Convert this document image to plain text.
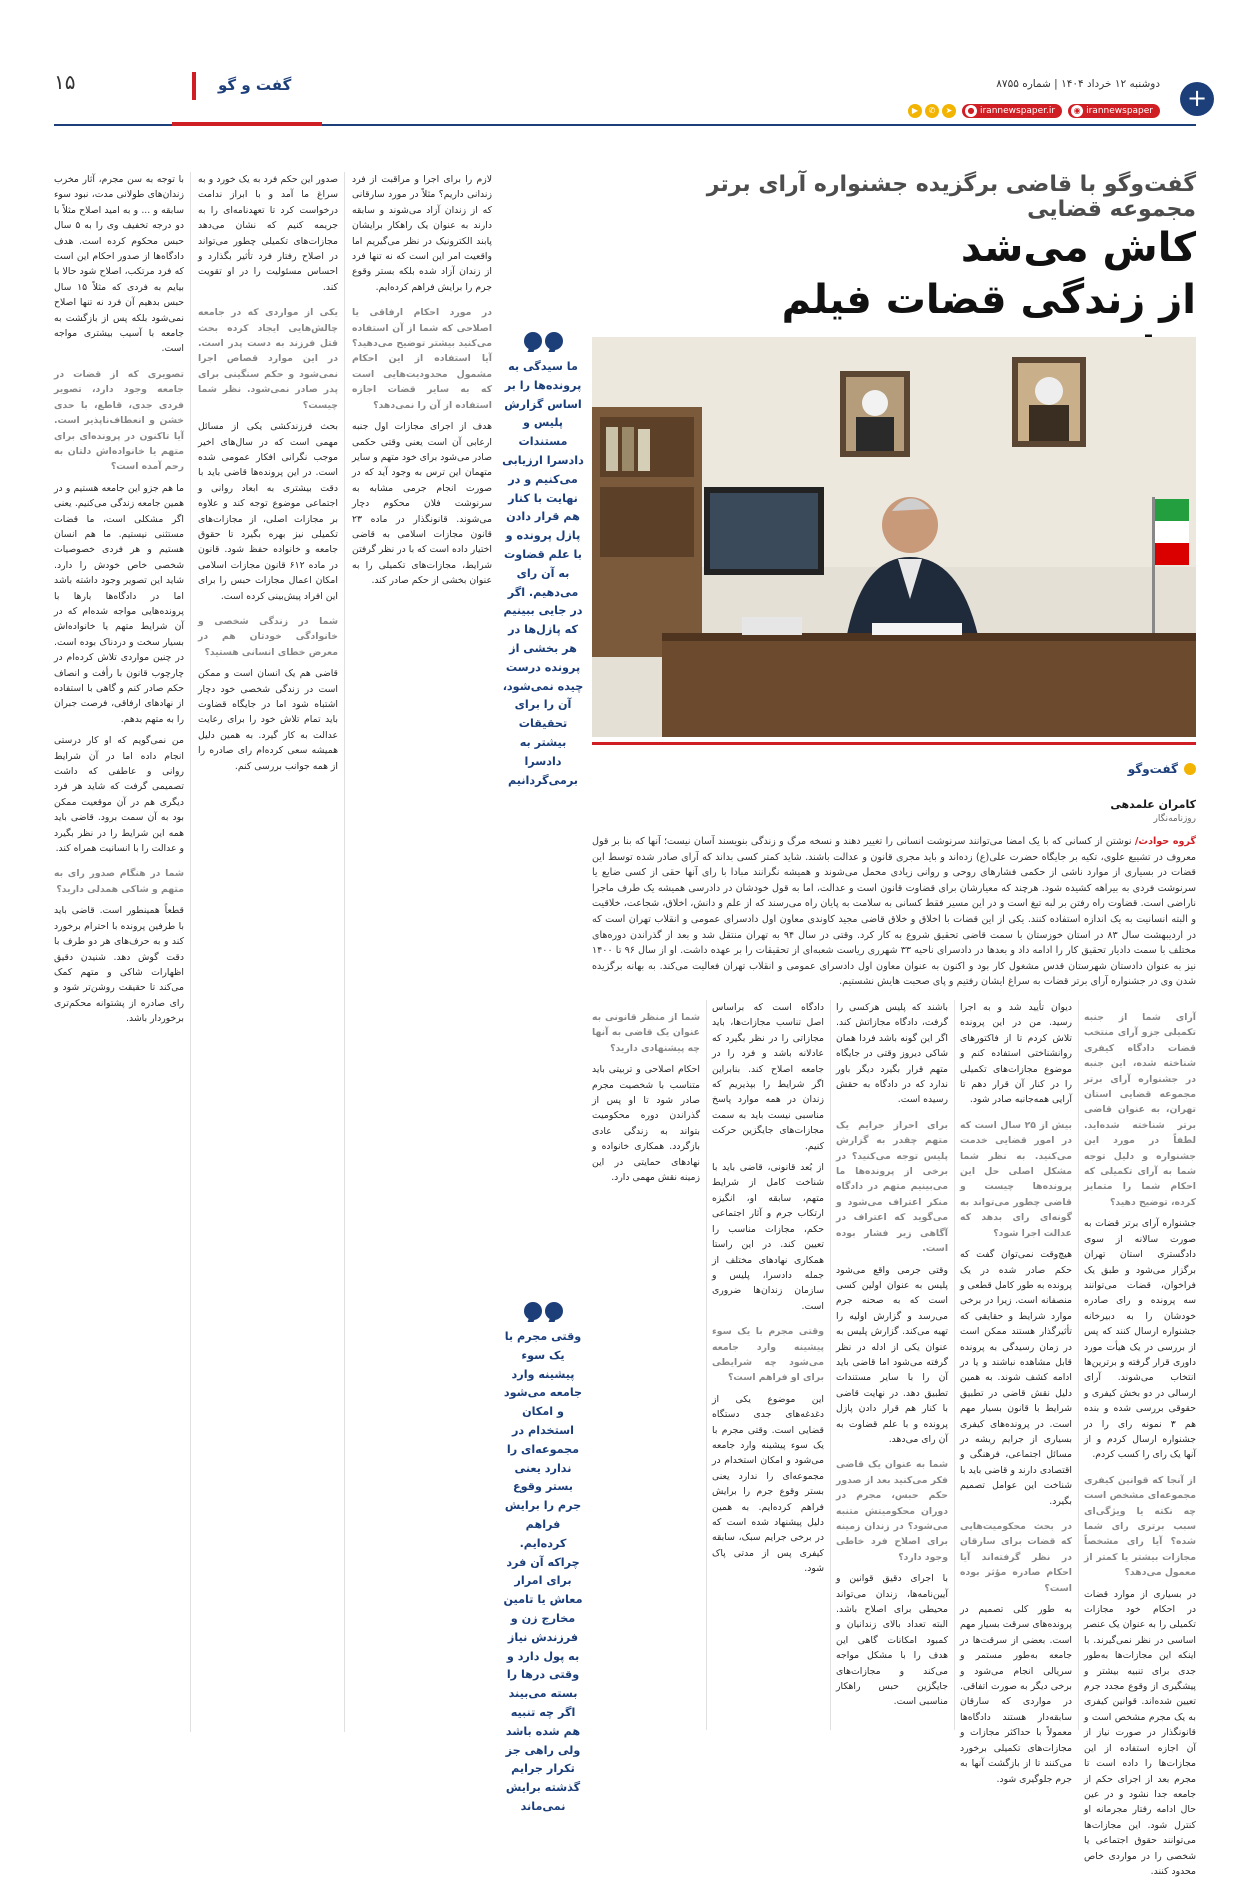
+
دوشنبه ۱۲ خرداد ۱۴۰۴ | شماره ۸۷۵۵
◉ irannewspaper
● irannewspaper.ir
➤
✆
▶
۱۵	گفت و گو
گفت‌وگو با قاضی برگزیده جشنواره آرای برتر مجموعه قضایی
کاش می‌شد
از زندگی قضات فیلم
گفت‌وگو
کامران علمدهی
روزنامه‌نگار
گروه حوادث/ نوشتن از کسانی که با یک امضا می‌توانند سرنوشت انسانی را تغییر دهند و نسخه مرگ و زندگی بنویسند آسان نیست؛ آنها که بنا بر قول معروف در تشییع علوی، تکیه بر جایگاه حضرت علی(ع) زده‌اند و باید مجری قانون و عدالت باشند. شاید کمتر کسی بداند که آرای صادر شده توسط این قضات در بسیاری از موارد ناشی از حکمی فشارهای روحی و روانی زیادی محمل می‌شوند و همیشه نگرانند مبادا با رای آنها حقی از کسی ضایع یا سرنوشت فردی به بیراهه کشیده شود. هرچند که معیارشان برای قضاوت قانون است و عدالت، اما به قول خودشان در دادرسی همیشه یک طرف ماجرا ناراضی است. قضاوت راه رفتن بر لبه تیغ است و در این مسیر فقط کسانی به سلامت به پایان راه می‌رسند که از علم و دانش، اخلاق، شجاعت، خلاقیت و البته انسانیت به یک اندازه استفاده کنند. یکی از این قضات با اخلاق و خلاق قاضی مجید کاوندی معاون اول دادسرای عمومی و انقلاب تهران است که در اردیبهشت سال ۸۳ در استان خوزستان با سمت قاضی تحقیق شروع به کار کرد. وقتی در سال ۹۴ به تهران منتقل شد و بعد از گذراندن دوره‌های مختلف با سمت دادیار تحقیق کار را ادامه داد و بعدها در دادسرای ناحیه ۳۳ شهرری ریاست شعبه‌ای از تحقیقات را بر عهده داشت. او از سال ۹۶ تا ۱۴۰۰ نیز به عنوان دادستان شهرستان قدس مشغول کار بود و اکنون به عنوان معاون اول دادسرای عمومی و انقلاب تهران فعالیت می‌کند. به بهانه برگزیده شدن وی در جشنواره آرای برتر قضات به سراغ ایشان رفتیم و پای صحبت هایش نشستیم.
ما سیدگی به پرونده‌ها را بر اساس گزارش پلیس و مستندات دادسرا ارزیابی می‌کنیم و در نهایت با کنار هم قرار دادن پازل پرونده و با علم قضاوت به آن رای می‌دهیم. اگر در جایی ببینیم که پازل‌ها در هر بخشی از پرونده درست چیده نمی‌شود، آن را برای تحقیقات بیشتر به دادسرا برمی‌گردانیم
وقتی مجرم با یک سوء پیشینه وارد جامعه می‌شود و امکان استخدام در مجموعه‌ای را ندارد یعنی بستر وقوع جرم را برایش فراهم کرده‌ایم. چراکه آن فرد برای امرار معاش یا تامین مخارج زن و فرزندش نیاز به پول دارد و وقتی درها را بسته می‌بیند اگر چه تنبیه هم شده باشد ولی راهی جز تکرار جرایم گذشته برایش نمی‌ماند

آرای شما از جنبه تکمیلی جزو آرای منتخب قضات دادگاه کیفری شناخته شده، این جنبه در جشنواره آرای برتر مجموعه قضایی استان تهران، به عنوان قاضی برتر شناخته شده‌اید. لطفاً در مورد این جشنواره و دلیل توجه شما به آرای تکمیلی که احکام شما را متمایز کرده، توضیح دهید؟

جشنواره آرای برتر قضات به صورت سالانه از سوی دادگستری استان تهران برگزار می‌شود و طبق یک فراخوان، قضات می‌توانند سه پرونده و رای صادره خودشان را به دبیرخانه جشنواره ارسال کنند که پس از بررسی در یک هیأت مورد داوری قرار گرفته و برترین‌ها انتخاب می‌شوند. آرای ارسالی در دو بخش کیفری و حقوقی بررسی شده و بنده هم ۳ نمونه رای را در جشنواره ارسال کردم و از آنها یک رای را کسب کردم.

از آنجا که قوانین کیفری مجموعه‌ای مشخص است چه نکته یا ویژگی‌ای سبب برتری رای شما شده؟ آیا رای مشخصاً مجازات بیشتر یا کمتر از معمول می‌دهد؟

در بسیاری از موارد قضات در احکام خود مجازات تکمیلی را به عنوان یک عنصر اساسی در نظر نمی‌گیرند. با اینکه این مجازات‌ها به‌طور جدی برای تنبیه بیشتر و پیشگیری از وقوع مجدد جرم تعیین شده‌اند. قوانین کیفری به یک مجرم مشخص است و قانونگذار در صورت نیاز از آن اجازه استفاده از این مجازات‌ها را داده است تا مجرم بعد از اجرای حکم از جامعه جدا نشود و در عین حال ادامه رفتار مجرمانه او کنترل شود. این مجازات‌ها می‌توانند حقوق اجتماعی یا شخصی را در مواردی خاص محدود کنند.

دیوان تأیید شد و به اجرا رسید. من در این پرونده تلاش کردم تا از فاکتورهای روانشناختی استفاده کنم و موضوع مجازات‌های تکمیلی را در کنار آن قرار دهم تا آرایی همه‌جانبه صادر شود.

بیش از ۲۵ سال است که در امور قضایی خدمت می‌کنید. به نظر شما مشکل اصلی حل این پرونده‌ها چیست و قاضی چطور می‌تواند به گونه‌ای رای بدهد که عدالت اجرا شود؟

هیچ‌وقت نمی‌توان گفت که حکم صادر شده در یک پرونده به طور کامل قطعی و منصفانه است. زیرا در برخی موارد شرایط و حقایقی که تأثیرگذار هستند ممکن است در زمان رسیدگی به پرونده قابل مشاهده نباشند و یا در ادامه کشف شوند. به همین دلیل نقش قاضی در تطبیق شرایط با قانون بسیار مهم است. در پرونده‌های کیفری بسیاری از جرایم ریشه در مسائل اجتماعی، فرهنگی و اقتصادی دارند و قاضی باید با شناخت این عوامل تصمیم بگیرد.

در بحث محکومیت‌هایی که قضات برای سارقان در نظر گرفته‌اند آیا احکام صادره مؤثر بوده است؟

به طور کلی تصمیم در پرونده‌های سرقت بسیار مهم است. بعضی از سرقت‌ها در جامعه به‌طور مستمر و سریالی انجام می‌شود و برخی دیگر به صورت اتفاقی. در مواردی که سارقان سابقه‌دار هستند دادگاه‌ها معمولاً با حداکثر مجازات و مجازات‌های تکمیلی برخورد می‌کنند تا از بازگشت آنها به جرم جلوگیری شود.

باشند که پلیس هرکسی را گرفت، دادگاه مجازاتش کند. اگر این گونه باشد فردا همان شاکی دیروز وقتی در جایگاه متهم قرار بگیرد دیگر باور ندارد که در دادگاه به حقش رسیده است.

برای احراز جرایم یک متهم چقدر به گزارش پلیس توجه می‌کنید؟ در برخی از پرونده‌ها ما می‌بینیم متهم در دادگاه منکر اعتراف می‌شود و می‌گوید که اعتراف در آگاهی زیر فشار بوده است.

وقتی جرمی واقع می‌شود پلیس به عنوان اولین کسی است که به صحنه جرم می‌رسد و گزارش اولیه را تهیه می‌کند. گزارش پلیس به عنوان یکی از ادله در نظر گرفته می‌شود اما قاضی باید آن را با سایر مستندات تطبیق دهد. در نهایت قاضی با کنار هم قرار دادن پازل پرونده و با علم قضاوت به آن رای می‌دهد.

شما به عنوان یک قاضی فکر می‌کنید بعد از صدور حکم حبس، مجرم در دوران محکومیتش متنبه می‌شود؟ در زندان زمینه برای اصلاح فرد خاطی وجود دارد؟

با اجرای دقیق قوانین و آیین‌نامه‌ها، زندان می‌تواند محیطی برای اصلاح باشد. البته تعداد بالای زندانیان و کمبود امکانات گاهی این هدف را با مشکل مواجه می‌کند و مجازات‌های جایگزین حبس راهکار مناسبی است.

دادگاه است که براساس اصل تناسب مجازات‌ها، باید مجازاتی را در نظر بگیرد که عادلانه باشد و فرد را در جامعه اصلاح کند. بنابراین اگر شرایط را بپذیریم که زندان در همه موارد پاسخ مناسبی نیست باید به سمت مجازات‌های جایگزین حرکت کنیم.

از بُعد قانونی، قاضی باید با شناخت کامل از شرایط متهم، سابقه او، انگیزه ارتکاب جرم و آثار اجتماعی حکم، مجازات مناسب را تعیین کند. در این راستا همکاری نهادهای مختلف از جمله دادسرا، پلیس و سازمان زندان‌ها ضروری است.

وقتی مجرم با یک سوء پیشینه وارد جامعه می‌شود چه شرایطی برای او فراهم است؟

این موضوع یکی از دغدغه‌های جدی دستگاه قضایی است. وقتی مجرم با یک سوء پیشینه وارد جامعه می‌شود و امکان استخدام در مجموعه‌ای را ندارد یعنی بستر وقوع جرم را برایش فراهم کرده‌ایم. به همین دلیل پیشنهاد شده است که در برخی جرایم سبک، سابقه کیفری پس از مدتی پاک شود.

شما از منظر قانونی به عنوان یک قاضی به آنها چه پیشنهادی دارید؟

احکام اصلاحی و تربیتی باید متناسب با شخصیت مجرم صادر شود تا او پس از گذراندن دوره محکومیت بتواند به زندگی عادی بازگردد. همکاری خانواده و نهادهای حمایتی در این زمینه نقش مهمی دارد.

لازم را برای اجرا و مراقبت از فرد زندانی داریم؟ مثلاً در مورد سارقانی که از زندان آزاد می‌شوند و سابقه دارند به عنوان یک راهکار برایشان پابند الکترونیک در نظر می‌گیریم اما واقعیت امر این است که نه تنها فرد از زندان آزاد شده بلکه بستر وقوع جرم را برایش فراهم کرده‌ایم.

در مورد احکام ارفاقی یا اصلاحی که شما از آن استفاده می‌کنید بیشتر توضیح می‌دهید؟ آیا استفاده از این احکام مشمول محدودیت‌هایی است که به سایر قضات اجازه استفاده از آن را نمی‌دهد؟

هدف از اجرای مجازات اول جنبه ارعابی آن است یعنی وقتی حکمی صادر می‌شود برای خود متهم و سایر متهمان این ترس به وجود آید که در صورت انجام جرمی مشابه به سرنوشت فلان محکوم دچار می‌شوند. قانونگذار در ماده ۲۳ قانون مجازات اسلامی به قاضی اختیار داده است که با در نظر گرفتن شرایط، مجازات‌های تکمیلی را به عنوان بخشی از حکم صادر کند.

صدور این حکم فرد به یک خورد و به سراغ ما آمد و با ابراز ندامت درخواست کرد تا تعهدنامه‌ای را به جریمه کنیم که نشان می‌دهد مجازات‌های تکمیلی چطور می‌تواند در اصلاح رفتار فرد تأثیر بگذارد و احساس مسئولیت را در او تقویت کند.

یکی از مواردی که در جامعه چالش‌هایی ایجاد کرده بحث قتل فرزند به دست پدر است. در این موارد قصاص اجرا نمی‌شود و حکم سنگینی برای پدر صادر نمی‌شود. نظر شما چیست؟

بحث فرزندکشی یکی از مسائل مهمی است که در سال‌های اخیر موجب نگرانی افکار عمومی شده است. در این پرونده‌ها قاضی باید با دقت بیشتری به ابعاد روانی و اجتماعی موضوع توجه کند و علاوه بر مجازات اصلی، از مجازات‌های تکمیلی نیز بهره بگیرد تا حقوق جامعه و خانواده حفظ شود. قانون در ماده ۶۱۲ قانون مجازات اسلامی امکان اعمال مجازات حبس را برای این افراد پیش‌بینی کرده است.

شما در زندگی شخصی و خانوادگی خودتان هم در معرض خطای انسانی هستید؟

قاضی هم یک انسان است و ممکن است در زندگی شخصی خود دچار اشتباه شود اما در جایگاه قضاوت باید تمام تلاش خود را برای رعایت عدالت به کار گیرد. به همین دلیل همیشه سعی کرده‌ام رای صادره را از همه جوانب بررسی کنم.

با توجه به سن مجرم، آثار مخرب زندان‌های طولانی مدت، نبود سوء سابقه و ... و به امید اصلاح مثلاً با دو درجه تخفیف وی را به ۵ سال حبس محکوم کرده است. هدف دادگاه‌ها از صدور احکام این است که فرد مرتکب، اصلاح شود حالا با بیایم به فردی که مثلاً ۱۵ سال حبس بدهیم آن فرد نه تنها اصلاح نمی‌شود بلکه پس از بازگشت به جامعه با آسیب بیشتری مواجه است.

تصویری که از قضات در جامعه وجود دارد، تصویر فردی جدی، قاطع، با حدی خشن و انعطاف‌ناپذیر است. آیا تاکنون در پرونده‌ای برای متهم یا خانواده‌اش دلتان به رحم آمده است؟

ما هم جزو این جامعه هستیم و در همین جامعه زندگی می‌کنیم. یعنی اگر مشکلی است، ما قضات مستثنی نیستیم. ما هم انسان هستیم و هر فردی خصوصیات شخصی خاص خودش را دارد. شاید این تصویر وجود داشته باشد اما در دادگاه‌ها بارها با پرونده‌هایی مواجه شده‌ام که در آن شرایط متهم یا خانواده‌اش بسیار سخت و دردناک بوده است. در چنین مواردی تلاش کرده‌ام در چارچوب قانون با رأفت و انصاف حکم صادر کنم و گاهی با استفاده از نهادهای ارفاقی، فرصت جبران را به متهم بدهم.

من نمی‌گویم که او کار درستی انجام داده اما در آن شرایط روانی و عاطفی که داشت تصمیمی گرفت که شاید هر فرد دیگری هم در آن موقعیت ممکن بود به آن سمت برود. قاضی باید همه این شرایط را در نظر بگیرد و عدالت را با انسانیت همراه کند.

شما در هنگام صدور رای به متهم و شاکی همدلی دارید؟

قطعاً همینطور است. قاضی باید با طرفین پرونده با احترام برخورد کند و به حرف‌های هر دو طرف با دقت گوش دهد. شنیدن دقیق اظهارات شاکی و متهم کمک می‌کند تا حقیقت روشن‌تر شود و رای صادره از پشتوانه محکم‌تری برخوردار باشد.
